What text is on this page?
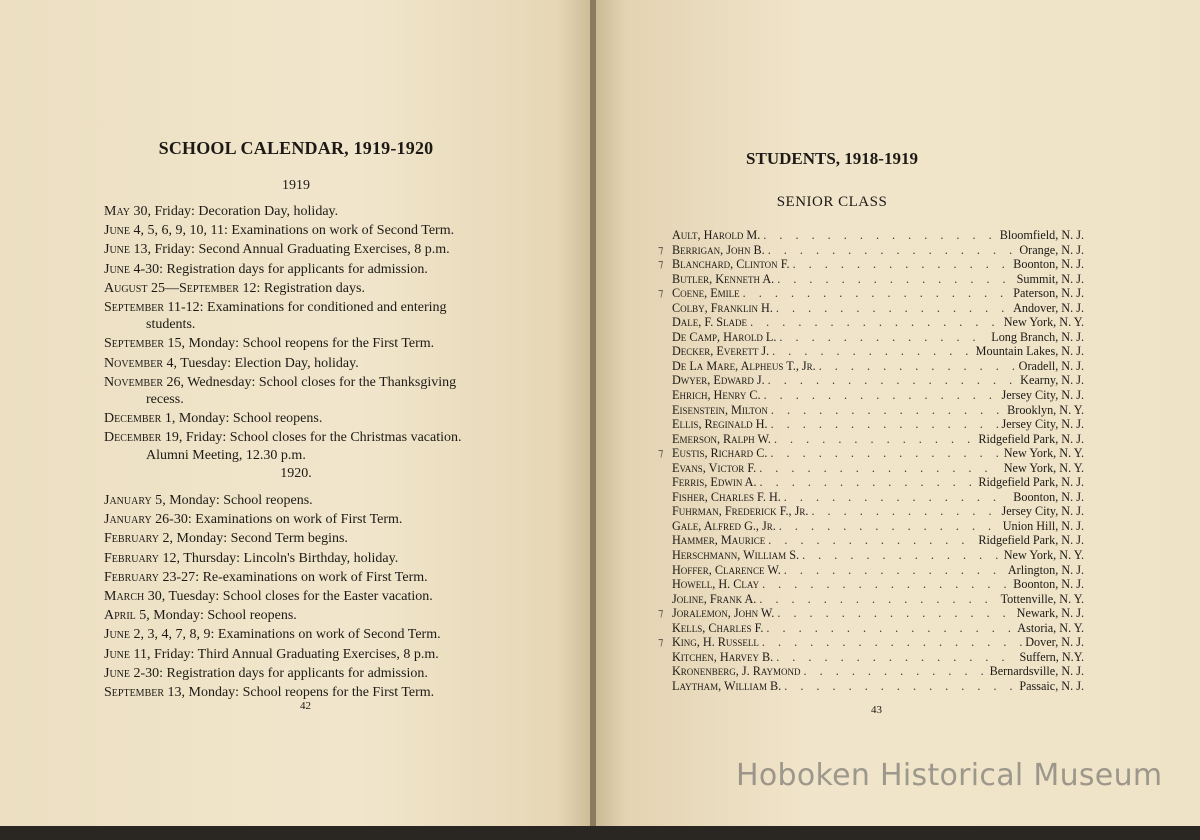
SCHOOL CALENDAR, 1919-1920
1919
May 30, Friday: Decoration Day, holiday.
June 4, 5, 6, 9, 10, 11: Examinations on work of Second Term.
June 13, Friday: Second Annual Graduating Exercises, 8 p.m.
June 4-30: Registration days for applicants for admission.
August 25—September 12: Registration days.
September 11-12: Examinations for conditioned and entering
students.
September 15, Monday: School reopens for the First Term.
November 4, Tuesday: Election Day, holiday.
November 26, Wednesday: School closes for the Thanksgiving
recess.
December 1, Monday: School reopens.
December 19, Friday: School closes for the Christmas vacation.
Alumni Meeting, 12.30 p.m.
1920.
January 5, Monday: School reopens.
January 26-30: Examinations on work of First Term.
February 2, Monday: Second Term begins.
February 12, Thursday: Lincoln's Birthday, holiday.
February 23-27: Re-examinations on work of First Term.
March 30, Tuesday: School closes for the Easter vacation.
April 5, Monday: School reopens.
June 2, 3, 4, 7, 8, 9: Examinations on work of Second Term.
June 11, Friday: Third Annual Graduating Exercises, 8 p.m.
June 2-30: Registration days for applicants for admission.
September 13, Monday: School reopens for the First Term.
42
STUDENTS, 1918-1919
SENIOR CLASS
Ault, Harold M. . . .	Bloomfield, N. J.
⁊ Berrigan, John B. . . .	Orange, N. J.
⁊ Blanchard, Clinton F. . . .	Boonton, N. J.
Butler, Kenneth A. . . .	Summit, N. J.
⁊ Coene, Emile . . .	Paterson, N. J.
Colby, Franklin H. . . .	Andover, N. J.
Dale, F. Slade . . .	New York, N. Y.
De Camp, Harold L. . . .	Long Branch, N. J.
Decker, Everett J. . . .	Mountain Lakes, N. J.
De La Mare, Alpheus T., Jr. . . .	Oradell, N. J.
Dwyer, Edward J. . . .	Kearny, N. J.
Ehrich, Henry C. . . .	Jersey City, N. J.
Eisenstein, Milton . . .	Brooklyn, N. Y.
Ellis, Reginald H. . . .	Jersey City, N. J.
Emerson, Ralph W. . . .	Ridgefield Park, N. J.
⁊ Eustis, Richard C. . . .	New York, N. Y.
Evans, Victor F. . . .	New York, N. Y.
Ferris, Edwin A. . . .	Ridgefield Park, N. J.
Fisher, Charles F. H. . . .	Boonton, N. J.
Fuhrman, Frederick F., Jr. . . .	Jersey City, N. J.
Gale, Alfred G., Jr. . . .	Union Hill, N. J.
Hammer, Maurice . . .	Ridgefield Park, N. J.
Herschmann, William S. . . .	New York, N. Y.
Hoffer, Clarence W. . . .	Arlington, N. J.
Howell, H. Clay . . .	Boonton, N. J.
Joline, Frank A. . . .	Tottenville, N. Y.
⁊ Joralemon, John W. . . .	Newark, N. J.
Kells, Charles F. . . .	Astoria, N. Y.
⁊ King, H. Russell . . .	Dover, N. J.
Kitchen, Harvey B. . . .	Suffern, N.Y.
Kronenberg, J. Raymond . . .	Bernardsville, N. J.
Laytham, William B. . . .	Passaic, N. J.
43
Hoboken Historical Museum
